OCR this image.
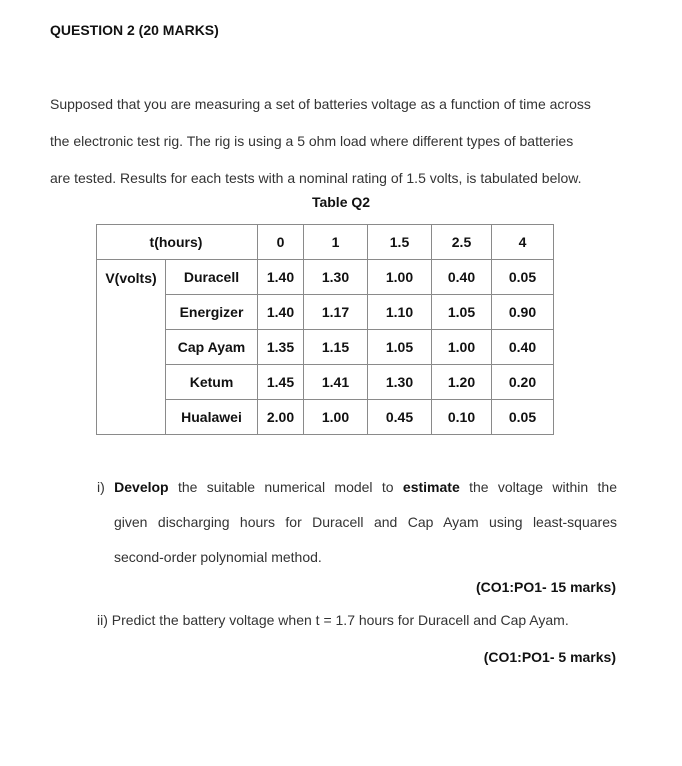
QUESTION 2 (20 MARKS)
Supposed that you are measuring a set of batteries voltage as a function of time across
the electronic test rig. The rig is using a 5 ohm load where different types of batteries
are tested. Results for each tests with a nominal rating of 1.5 volts, is tabulated below.
Table Q2
t(hours)		0	1	1.5	2.5	4
V(volts)	Duracell	1.40	1.30	1.00	0.40	0.05
	Energizer	1.40	1.17	1.10	1.05	0.90
	Cap Ayam	1.35	1.15	1.05	1.00	0.40
	Ketum	1.45	1.41	1.30	1.20	0.20
	Hualawei	2.00	1.00	0.45	0.10	0.05
i) Develop the suitable numerical model to estimate the voltage within the
given discharging hours for Duracell and Cap Ayam using least-squares
second-order polynomial method.
(CO1:PO1- 15 marks)
ii) Predict the battery voltage when t = 1.7 hours for Duracell and Cap Ayam.
(CO1:PO1- 5 marks)
